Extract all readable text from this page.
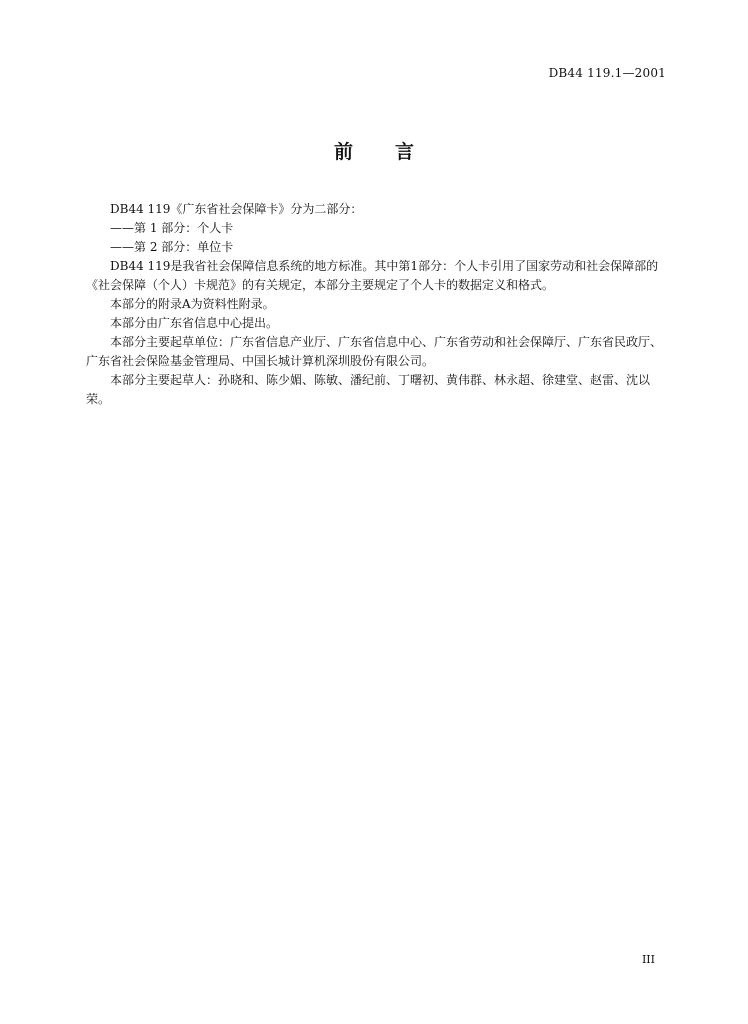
DB44 119.1—2001
前 言

DB44 119《广东省社会保障卡》分为二部分：

——第 1 部分：个人卡

——第 2 部分：单位卡

DB44 119是我省社会保障信息系统的地方标准。其中第1部分：个人卡引用了国家劳动和社会保障部的《社会保障（个人）卡规范》的有关规定，本部分主要规定了个人卡的数据定义和格式。

本部分的附录A为资料性附录。

本部分由广东省信息中心提出。

本部分主要起草单位：广东省信息产业厅、广东省信息中心、广东省劳动和社会保障厅、广东省民政厅、广东省社会保险基金管理局、中国长城计算机深圳股份有限公司。

本部分主要起草人：孙晓和、陈少媚、陈敏、潘纪前、丁曙初、黄伟群、林永超、徐建堂、赵雷、沈以荣。

III
